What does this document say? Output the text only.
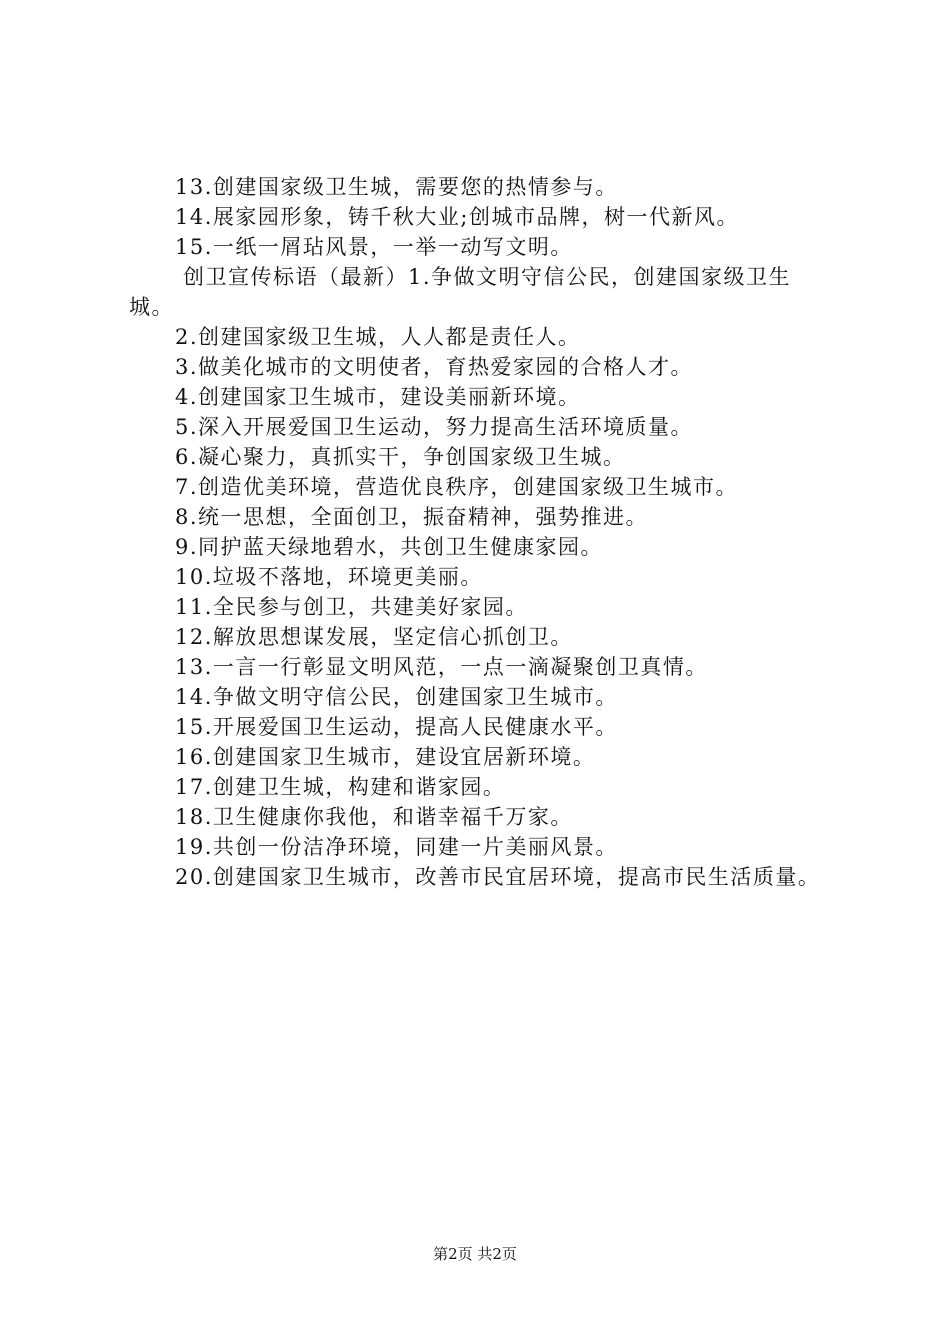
13.创建国家级卫生城，需要您的热情参与。

14.展家园形象，铸千秋大业;创城市品牌，树一代新风。

15.一纸一屑玷风景，一举一动写文明。

创卫宣传标语（最新）1.争做文明守信公民，创建国家级卫生城。

2.创建国家级卫生城，人人都是责任人。

3.做美化城市的文明使者，育热爱家园的合格人才。

4.创建国家卫生城市，建设美丽新环境。

5.深入开展爱国卫生运动，努力提高生活环境质量。

6.凝心聚力，真抓实干，争创国家级卫生城。

7.创造优美环境，营造优良秩序，创建国家级卫生城市。

8.统一思想，全面创卫，振奋精神，强势推进。

9.同护蓝天绿地碧水，共创卫生健康家园。

10.垃圾不落地，环境更美丽。

11.全民参与创卫，共建美好家园。

12.解放思想谋发展，坚定信心抓创卫。

13.一言一行彰显文明风范，一点一滴凝聚创卫真情。

14.争做文明守信公民，创建国家卫生城市。

15.开展爱国卫生运动，提高人民健康水平。

16.创建国家卫生城市，建设宜居新环境。

17.创建卫生城，构建和谐家园。

18.卫生健康你我他，和谐幸福千万家。

19.共创一份洁净环境，同建一片美丽风景。

20.创建国家卫生城市，改善市民宜居环境，提高市民生活质量。

第2页 共2页
